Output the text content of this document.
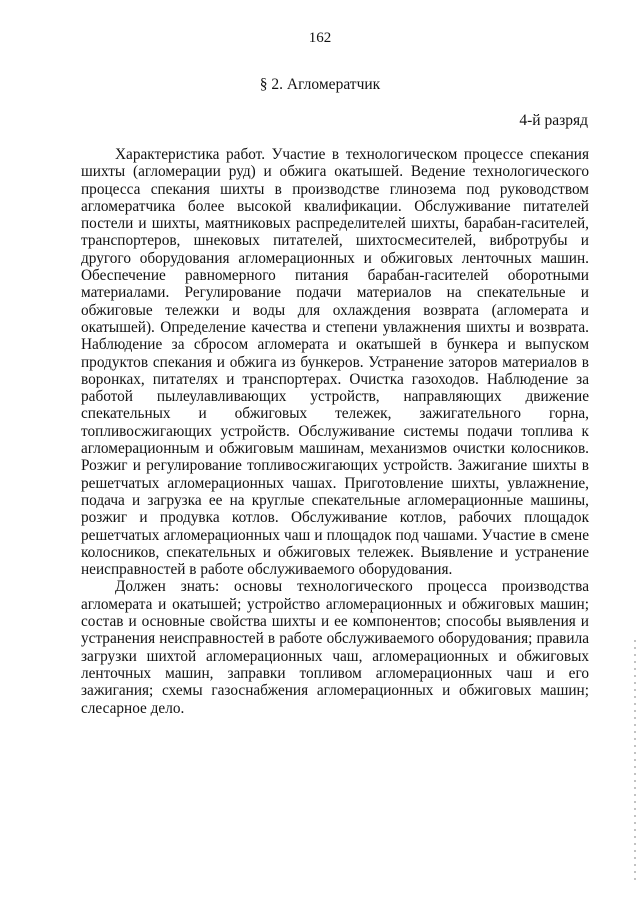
162
§ 2. Агломератчик
4-й разряд

Характеристика работ. Участие в технологическом процессе спекания шихты (агломерации руд) и обжига окатышей. Ведение технологического процесса спекания шихты в производстве глинозема под руководством агломератчика более высокой квалификации. Обслуживание питателей постели и шихты, маятниковых распределителей шихты, барабан-гасителей, транспортеров, шнековых питателей, шихтосмесителей, вибротрубы и другого оборудования агломерационных и обжиговых ленточных машин. Обеспечение равномерного питания барабан-гасителей оборотными материалами. Регулирование подачи материалов на спекательные и обжиговые тележки и воды для охлаждения возврата (агломерата и окатышей). Определение качества и степени увлажнения шихты и возврата. Наблюдение за сбросом агломерата и окатышей в бункера и выпуском продуктов спекания и обжига из бункеров. Устранение заторов материалов в воронках, питателях и транспортерах. Очистка газоходов. Наблюдение за работой пылеулавливающих устройств, направляющих движение спекательных и обжиговых тележек, зажигательного горна, топливосжигающих устройств. Обслуживание системы подачи топлива к агломерационным и обжиговым машинам, механизмов очистки колосников. Розжиг и регулирование топливосжигающих устройств. Зажигание шихты в решетчатых агломерационных чашах. Приготовление шихты, увлажнение, подача и загрузка ее на круглые спекательные агломерационные машины, розжиг и продувка котлов. Обслуживание котлов, рабочих площадок решетчатых агломерационных чаш и площадок под чашами. Участие в смене колосников, спекательных и обжиговых тележек. Выявление и устранение неисправностей в работе обслуживаемого оборудования.

Должен знать: основы технологического процесса производства агломерата и окатышей; устройство агломерационных и обжиговых машин; состав и основные свойства шихты и ее компонентов; способы выявления и устранения неисправностей в работе обслуживаемого оборудования; правила загрузки шихтой агломерационных чаш, агломерационных и обжиговых ленточных машин, заправки топливом агломерационных чаш и его зажигания; схемы газоснабжения агломерационных и обжиговых машин; слесарное дело.
